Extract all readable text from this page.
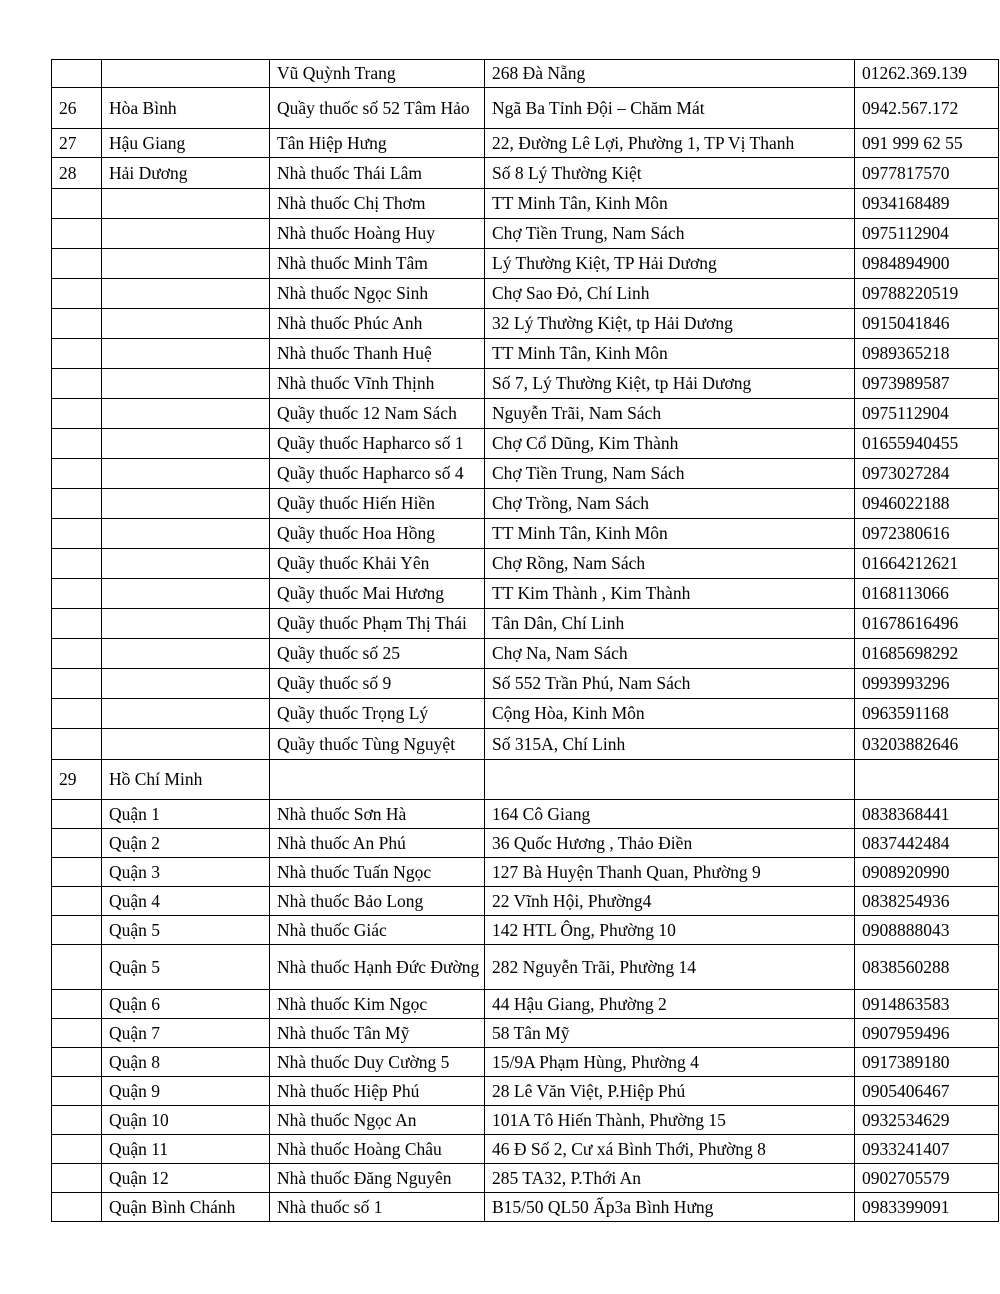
		Vũ Quỳnh Trang	268 Đà Nẵng	01262.369.139
26	Hòa Bình	Quầy thuốc số 52 Tâm Hảo	Ngã Ba Tỉnh Đội – Chăm Mát	0942.567.172
27	Hậu Giang	Tân Hiệp Hưng	22, Đường Lê Lợi, Phường 1, TP Vị Thanh	091 999 62 55
28	Hải Dương	Nhà thuốc Thái Lâm	Số 8 Lý Thường Kiệt	0977817570
		Nhà thuốc Chị Thơm	TT Minh Tân, Kinh Môn	0934168489
		Nhà thuốc Hoàng Huy	Chợ Tiền Trung, Nam Sách	0975112904
		Nhà thuốc Minh Tâm	Lý Thường Kiệt, TP Hải Dương	0984894900
		Nhà thuốc Ngọc Sinh	Chợ Sao Đỏ, Chí Linh	09788220519
		Nhà thuốc Phúc Anh	32 Lý Thường Kiệt, tp Hải Dương	0915041846
		Nhà thuốc Thanh Huệ	TT Minh Tân, Kinh Môn	0989365218
		Nhà thuốc Vĩnh Thịnh	Số 7, Lý Thường Kiệt, tp Hải Dương	0973989587
		Quầy thuốc 12 Nam Sách	Nguyễn Trãi, Nam Sách	0975112904
		Quầy thuốc Hapharco số 1	Chợ Cổ Dũng, Kim Thành	01655940455
		Quầy thuốc Hapharco số 4	Chợ Tiền Trung, Nam Sách	0973027284
		Quầy thuốc Hiến Hiền	Chợ Trồng, Nam Sách	0946022188
		Quầy thuốc Hoa Hồng	TT Minh Tân, Kinh Môn	0972380616
		Quầy thuốc Khải Yên	Chợ Rồng, Nam Sách	01664212621
		Quầy thuốc Mai Hương	TT Kim Thành , Kim Thành	0168113066
		Quầy thuốc Phạm Thị Thái	Tân Dân, Chí Linh	01678616496
		Quầy thuốc số 25	Chợ Na, Nam Sách	01685698292
		Quầy thuốc số 9	Số 552 Trần Phú, Nam Sách	0993993296
		Quầy thuốc Trọng Lý	Cộng Hòa, Kinh Môn	0963591168
		Quầy thuốc Tùng Nguyệt	Số 315A, Chí Linh	03203882646
29	Hồ Chí Minh			
	Quận 1	Nhà thuốc Sơn Hà	164 Cô Giang	0838368441
	Quận 2	Nhà thuốc An Phú	36 Quốc Hương , Thảo Điền	0837442484
	Quận 3	Nhà thuốc Tuấn Ngọc	127 Bà Huyện Thanh Quan, Phường 9	0908920990
	Quận 4	Nhà thuốc Bảo Long	22 Vĩnh Hội, Phường4	0838254936
	Quận 5	Nhà thuốc Giác	142 HTL Ông, Phường 10	0908888043
	Quận 5	Nhà thuốc Hạnh Đức Đường	282 Nguyễn Trãi, Phường 14	0838560288
	Quận 6	Nhà thuốc Kim Ngọc	44 Hậu Giang, Phường 2	0914863583
	Quận 7	Nhà thuốc Tân Mỹ	58 Tân Mỹ	0907959496
	Quận 8	Nhà thuốc Duy Cường 5	15/9A Phạm Hùng, Phường 4	0917389180
	Quận 9	Nhà thuốc Hiệp Phú	28 Lê Văn Việt, P.Hiệp Phú	0905406467
	Quận 10	Nhà thuốc Ngọc An	101A Tô Hiến Thành, Phường 15	0932534629
	Quận 11	Nhà thuốc Hoàng Châu	46 Đ Số 2, Cư xá Bình Thới, Phường 8	0933241407
	Quận 12	Nhà thuốc Đăng Nguyên	285 TA32, P.Thới An	0902705579
	Quận Bình Chánh	Nhà thuốc số 1	B15/50 QL50 Ấp3a Bình Hưng	0983399091
